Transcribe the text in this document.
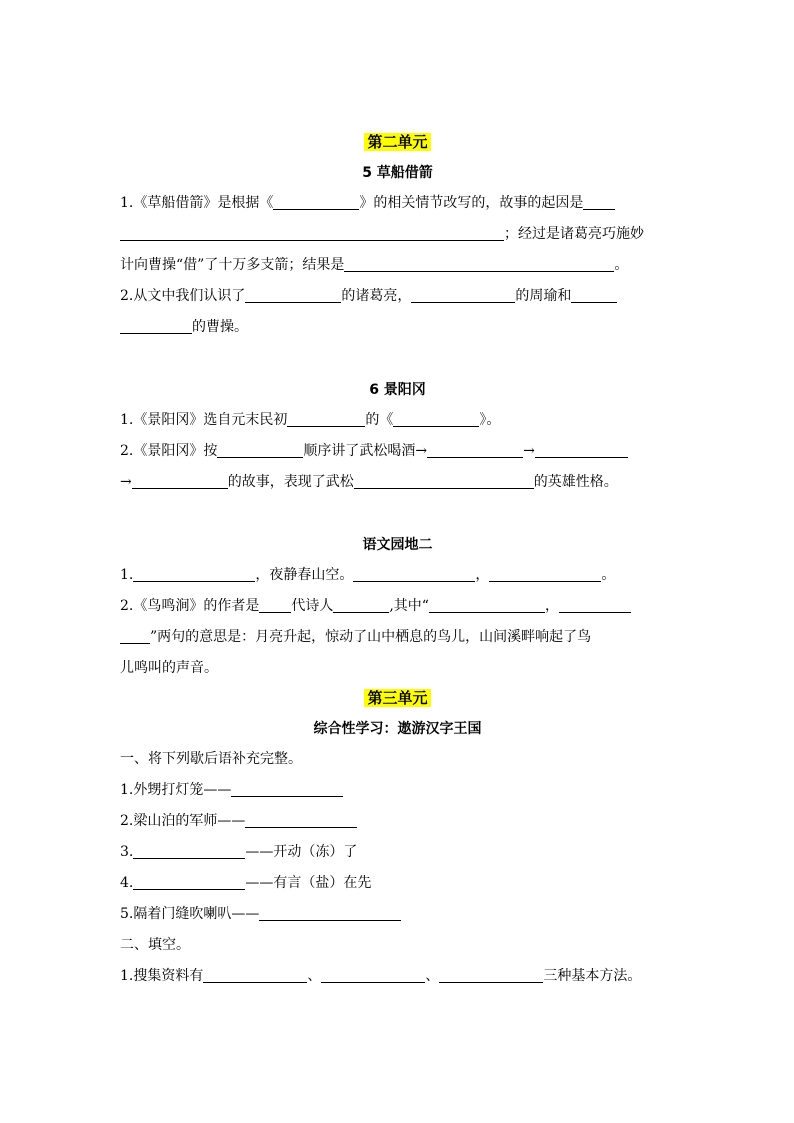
第二单元
5 草船借箭
1.《草船借箭》是根据《	》的相关情节改写的，故事的起因是
；经过是诸葛亮巧施妙
计向曹操“借”了十万多支箭；结果是	。
2.从文中我们认识了	的诸葛亮，	的周瑜和
的曹操。
6 景阳冈
1.《景阳冈》选自元末民初	的《	》。
2.《景阳冈》按	顺序讲了武松喝酒→	→
→	的故事，表现了武松	的英雄性格。
语文园地二
1.	，夜静春山空。	，	。
2.《鸟鸣涧》的作者是 代诗人	,其中“	，
”两句的意思是：月亮升起，惊动了山中栖息的鸟儿，山间溪畔响起了鸟
儿鸣叫的声音。
第三单元
综合性学习：遨游汉字王国
一、将下列歇后语补充完整。
1.外甥打灯笼——
2.梁山泊的军师——
3.	——开动（冻）了
4.	——有言（盐）在先
5.隔着门缝吹喇叭——
二、填空。
1.搜集资料有	、	、	三种基本方法。
